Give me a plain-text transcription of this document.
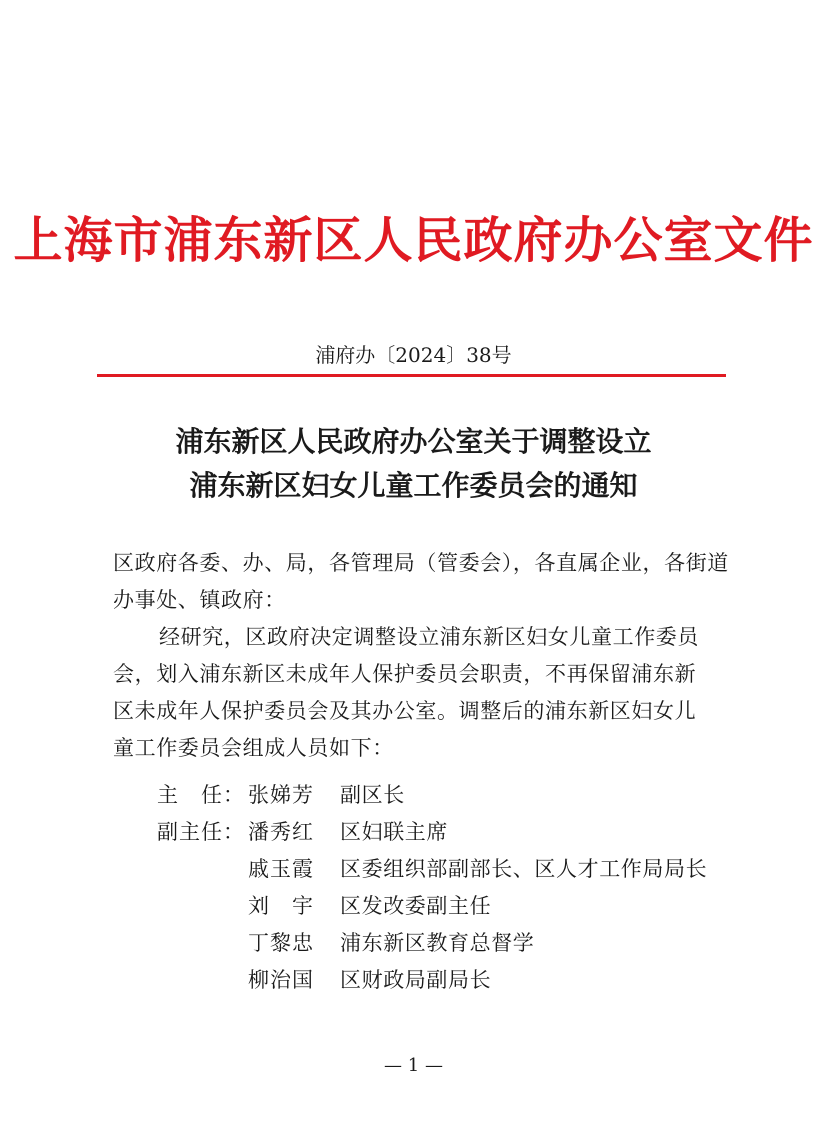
上海市浦东新区人民政府办公室文件
浦府办〔2024〕38号
浦东新区人民政府办公室关于调整设立
浦东新区妇女儿童工作委员会的通知
区政府各委、办、局，各管理局（管委会），各直属企业，各街道
办事处、镇政府：
经研究，区政府决定调整设立浦东新区妇女儿童工作委员
会，划入浦东新区未成年人保护委员会职责，不再保留浦东新
区未成年人保护委员会及其办公室。调整后的浦东新区妇女儿
童工作委员会组成人员如下：
主　任： 张娣芳	副区长
副主任： 潘秀红	区妇联主席
戚玉霞	区委组织部副部长、区人才工作局局长
刘　宇	区发改委副主任
丁黎忠	浦东新区教育总督学
柳治国	区财政局副局长
— 1 —
